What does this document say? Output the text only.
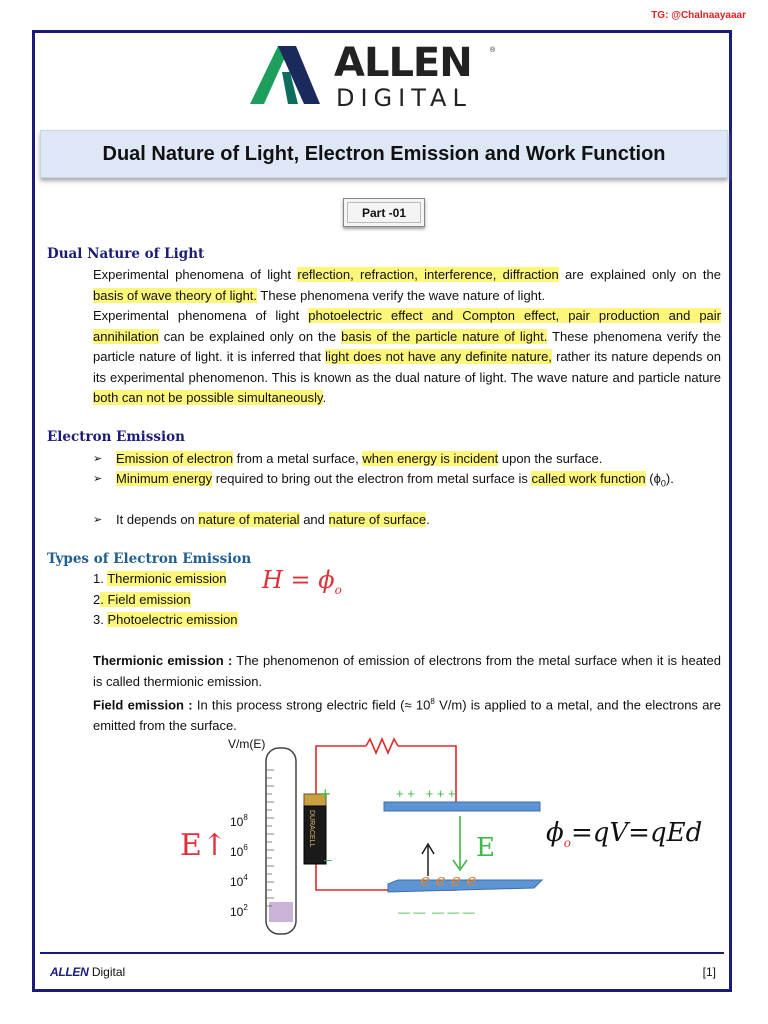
TG: @Chalnaayaaar
ALLEN
DIGITAL
®
Dual Nature of Light, Electron Emission and Work Function
Part -01
Dual Nature of Light
Experimental phenomena of light reflection, refraction, interference, diffraction are explained only on the basis of wave theory of light. These phenomena verify the wave nature of light.
Experimental phenomena of light photoelectric effect and Compton effect, pair production and pair annihilation can be explained only on the basis of the particle nature of light. These phenomena verify the particle nature of light. it is inferred that light does not have any definite nature, rather its nature depends on its experimental phenomenon. This is known as the dual nature of light. The wave nature and particle nature both can not be possible simultaneously.
Electron Emission
➢	Emission of electron from a metal surface, when energy is incident upon the surface.
➢	Minimum energy required to bring out the electron from metal surface is called work function $(\phi_0)$.
➢	It depends on nature of material and nature of surface.
Types of Electron Emission
1. Thermionic emission
2. Field emission
3. Photoelectric emission
Thermionic emission : The phenomenon of emission of electrons from the metal surface when it is heated is called thermionic emission.
Field emission : In this process strong electric field (≈ $10^8$ V/m) is applied to a metal, and the electrons are emitted from the surface.
$H = \phi_o$
V/m(E)
$10^8$
$10^6$
$10^4$
$10^2$
DURACELL
+
–
+ +   + + +
— —  — — —
E
e e e e
E↑	$\phi_o=qV=qEd$
ALLEN Digital	[1]
